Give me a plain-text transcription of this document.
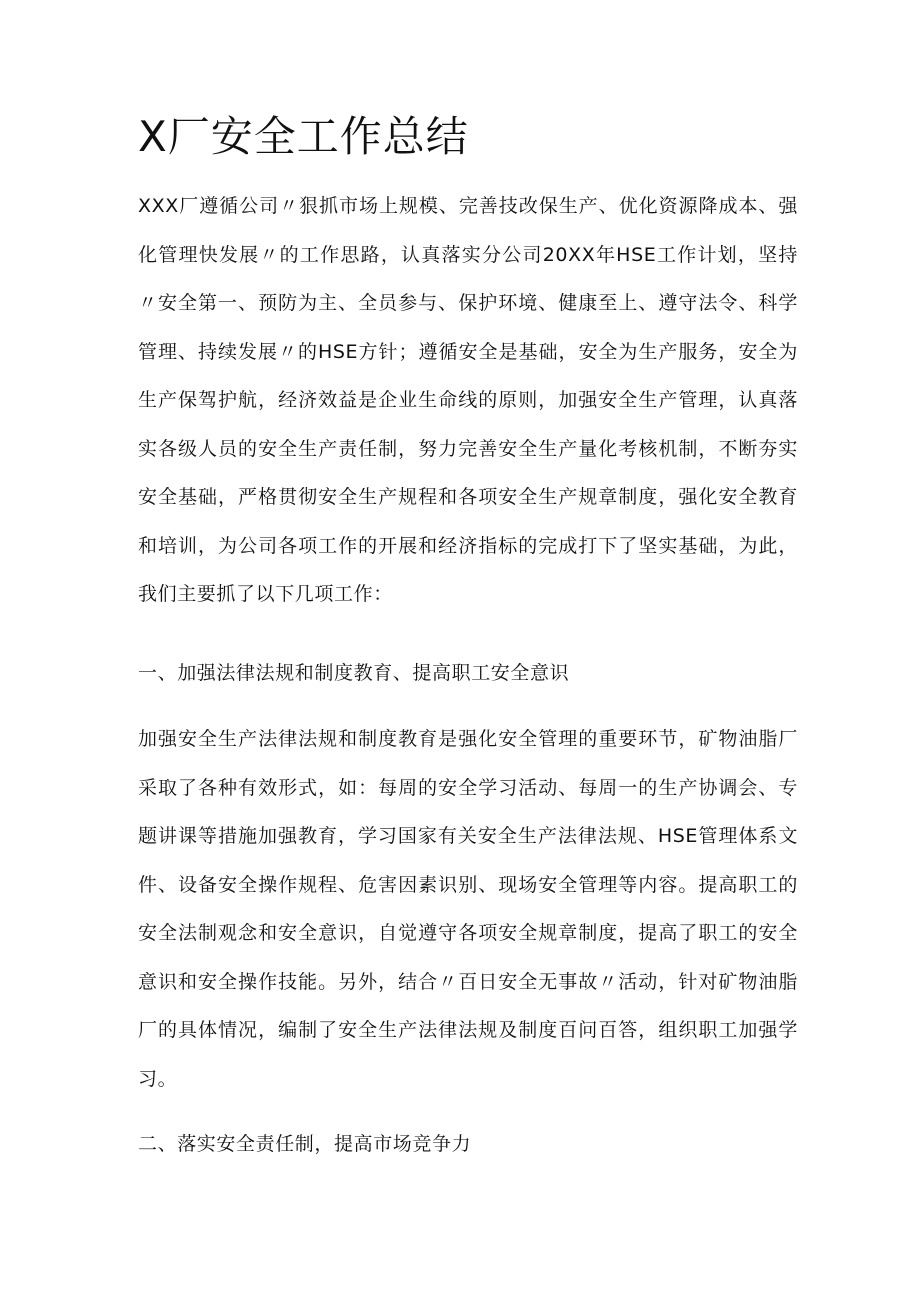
X厂安全工作总结

XXX厂遵循公司〃狠抓市场上规模、完善技改保生产、优化资源降成本、强化管理快发展〃的工作思路，认真落实分公司20XX年HSE工作计划，坚持〃安全第一、预防为主、全员参与、保护环境、健康至上、遵守法令、科学管理、持续发展〃的HSE方针；遵循安全是基础，安全为生产服务，安全为生产保驾护航，经济效益是企业生命线的原则，加强安全生产管理，认真落实各级人员的安全生产责任制，努力完善安全生产量化考核机制，不断夯实安全基础，严格贯彻安全生产规程和各项安全生产规章制度，强化安全教育和培训，为公司各项工作的开展和经济指标的完成打下了坚实基础，为此，我们主要抓了以下几项工作：

一、加强法律法规和制度教育、提高职工安全意识

加强安全生产法律法规和制度教育是强化安全管理的重要环节，矿物油脂厂采取了各种有效形式，如：每周的安全学习活动、每周一的生产协调会、专题讲课等措施加强教育，学习国家有关安全生产法律法规、HSE管理体系文件、设备安全操作规程、危害因素识别、现场安全管理等内容。提高职工的安全法制观念和安全意识，自觉遵守各项安全规章制度，提高了职工的安全意识和安全操作技能。另外，结合〃百日安全无事故〃活动，针对矿物油脂厂的具体情况，编制了安全生产法律法规及制度百问百答，组织职工加强学习。

二、落实安全责任制，提高市场竞争力
